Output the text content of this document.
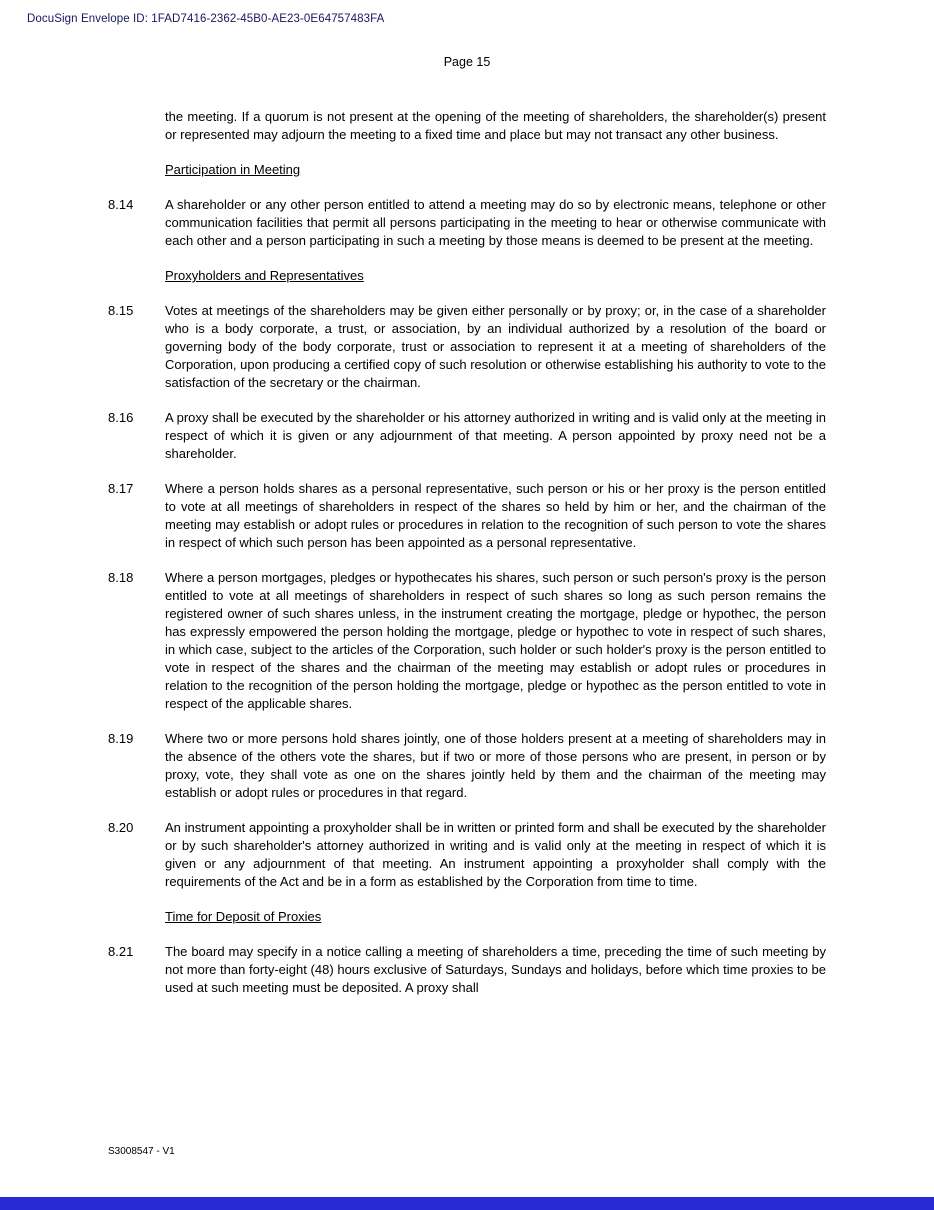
DocuSign Envelope ID: 1FAD7416-2362-45B0-AE23-0E64757483FA
Page 15
the meeting. If a quorum is not present at the opening of the meeting of shareholders, the shareholder(s) present or represented may adjourn the meeting to a fixed time and place but may not transact any other business.
Participation in Meeting
8.14	A shareholder or any other person entitled to attend a meeting may do so by electronic means, telephone or other communication facilities that permit all persons participating in the meeting to hear or otherwise communicate with each other and a person participating in such a meeting by those means is deemed to be present at the meeting.
Proxyholders and Representatives
8.15	Votes at meetings of the shareholders may be given either personally or by proxy; or, in the case of a shareholder who is a body corporate, a trust, or association, by an individual authorized by a resolution of the board or governing body of the body corporate, trust or association to represent it at a meeting of shareholders of the Corporation, upon producing a certified copy of such resolution or otherwise establishing his authority to vote to the satisfaction of the secretary or the chairman.
8.16	A proxy shall be executed by the shareholder or his attorney authorized in writing and is valid only at the meeting in respect of which it is given or any adjournment of that meeting. A person appointed by proxy need not be a shareholder.
8.17	Where a person holds shares as a personal representative, such person or his or her proxy is the person entitled to vote at all meetings of shareholders in respect of the shares so held by him or her, and the chairman of the meeting may establish or adopt rules or procedures in relation to the recognition of such person to vote the shares in respect of which such person has been appointed as a personal representative.
8.18	Where a person mortgages, pledges or hypothecates his shares, such person or such person's proxy is the person entitled to vote at all meetings of shareholders in respect of such shares so long as such person remains the registered owner of such shares unless, in the instrument creating the mortgage, pledge or hypothec, the person has expressly empowered the person holding the mortgage, pledge or hypothec to vote in respect of such shares, in which case, subject to the articles of the Corporation, such holder or such holder's proxy is the person entitled to vote in respect of the shares and the chairman of the meeting may establish or adopt rules or procedures in relation to the recognition of the person holding the mortgage, pledge or hypothec as the person entitled to vote in respect of the applicable shares.
8.19	Where two or more persons hold shares jointly, one of those holders present at a meeting of shareholders may in the absence of the others vote the shares, but if two or more of those persons who are present, in person or by proxy, vote, they shall vote as one on the shares jointly held by them and the chairman of the meeting may establish or adopt rules or procedures in that regard.
8.20	An instrument appointing a proxyholder shall be in written or printed form and shall be executed by the shareholder or by such shareholder's attorney authorized in writing and is valid only at the meeting in respect of which it is given or any adjournment of that meeting. An instrument appointing a proxyholder shall comply with the requirements of the Act and be in a form as established by the Corporation from time to time.
Time for Deposit of Proxies
8.21	The board may specify in a notice calling a meeting of shareholders a time, preceding the time of such meeting by not more than forty-eight (48) hours exclusive of Saturdays, Sundays and holidays, before which time proxies to be used at such meeting must be deposited. A proxy shall
S3008547 - V1
